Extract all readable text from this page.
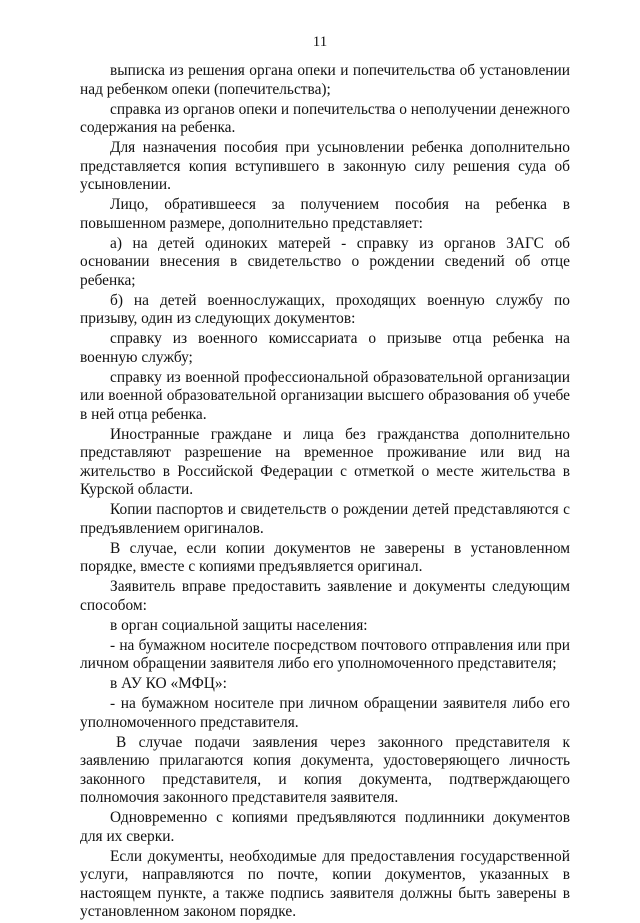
11

выписка из решения органа опеки и попечительства об установлении над ребенком опеки (попечительства);

справка из органов опеки и попечительства о неполучении денежного содержания на ребенка.

Для назначения пособия при усыновлении ребенка дополнительно представляется копия вступившего в законную силу решения суда об усыновлении.

Лицо, обратившееся за получением пособия на ребенка в повышенном размере, дополнительно представляет:

а) на детей одиноких матерей - справку из органов ЗАГС об основании внесения в свидетельство о рождении сведений об отце ребенка;

б) на детей военнослужащих, проходящих военную службу по призыву, один из следующих документов:

справку из военного комиссариата о призыве отца ребенка на военную службу;

справку из военной профессиональной образовательной организации или военной образовательной организации высшего образования об учебе в ней отца ребенка.

Иностранные граждане и лица без гражданства дополнительно представляют разрешение на временное проживание или вид на жительство в Российской Федерации с отметкой о месте жительства в Курской области.

Копии паспортов и свидетельств о рождении детей представляются с предъявлением оригиналов.

В случае, если копии документов не заверены в установленном порядке, вместе с копиями предъявляется оригинал.

Заявитель вправе предоставить заявление и документы следующим способом:

в орган социальной защиты населения:

- на бумажном носителе посредством почтового отправления или при личном обращении заявителя либо его уполномоченного представителя;

в АУ КО «МФЦ»:

- на бумажном носителе при личном обращении заявителя либо его уполномоченного представителя.

В случае подачи заявления через законного представителя к заявлению прилагаются копия документа, удостоверяющего личность законного представителя, и копия документа, подтверждающего полномочия законного представителя заявителя.

Одновременно с копиями предъявляются подлинники документов для их сверки.

Если документы, необходимые для предоставления государственной услуги, направляются по почте, копии документов, указанных в настоящем пункте, а также подпись заявителя должны быть заверены в установленном законом порядке.
